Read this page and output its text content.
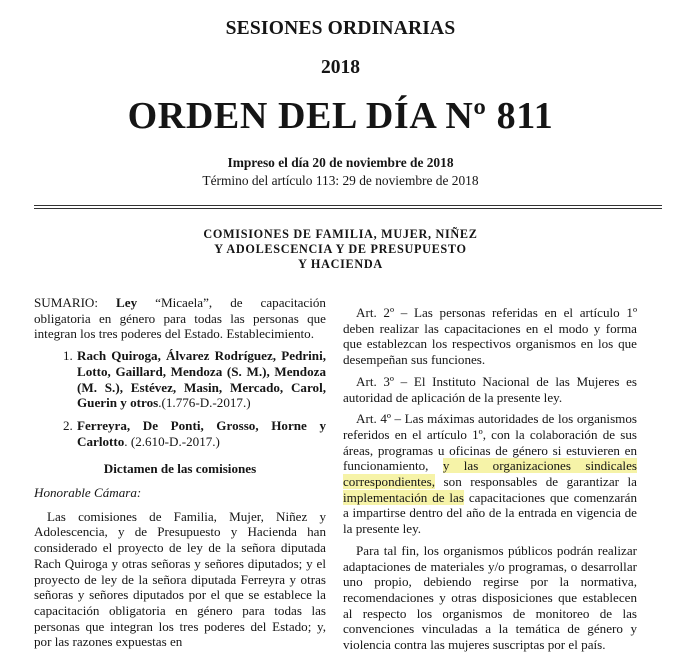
SESIONES ORDINARIAS
2018
ORDEN DEL DÍA Nº 811
Impreso el día 20 de noviembre de 2018
Término del artículo 113: 29 de noviembre de 2018
COMISIONES DE FAMILIA, MUJER, NIÑEZ
Y ADOLESCENCIA Y DE PRESUPUESTO
Y HACIENDA

SUMARIO: Ley “Micaela”, de capacitación obligatoria en género para todas las personas que integran los tres poderes del Estado. Establecimiento.

1. Rach Quiroga, Álvarez Rodríguez, Pedrini, Lotto, Gaillard, Mendoza (S. M.), Mendoza (M. S.), Estévez, Masin, Mercado, Carol, Guerin y otros.(1.776-D.-2017.)
2. Ferreyra, De Ponti, Grosso, Horne y Carlotto. (2.610-D.-2017.)
Dictamen de las comisiones
Honorable Cámara:

Las comisiones de Familia, Mujer, Niñez y Adolescencia, y de Presupuesto y Hacienda han considerado el proyecto de ley de la señora diputada Rach Quiroga y otras señoras y señores diputados; y el proyecto de ley de la señora diputada Ferreyra y otras señoras y señores diputados por el que se establece la capacitación obligatoria en género para todas las personas que integran los tres poderes del Estado; y, por las razones expuestas en

Art. 2º – Las personas referidas en el artículo 1º deben realizar las capacitaciones en el modo y forma que establezcan los respectivos organismos en los que desempeñan sus funciones.

Art. 3º – El Instituto Nacional de las Mujeres es autoridad de aplicación de la presente ley.

Art. 4º – Las máximas autoridades de los organismos referidos en el artículo 1º, con la colaboración de sus áreas, programas u oficinas de género si estuvieren en funcionamiento, y las organizaciones sindicales correspondientes, son responsables de garantizar la implementación de las capacitaciones que comenzarán a impartirse dentro del año de la entrada en vigencia de la presente ley.

Para tal fin, los organismos públicos podrán realizar adaptaciones de materiales y/o programas, o desarrollar uno propio, debiendo regirse por la normativa, recomendaciones y otras disposiciones que establecen al respecto los organismos de monitoreo de las convenciones vinculadas a la temática de género y violencia contra las mujeres suscriptas por el país.
